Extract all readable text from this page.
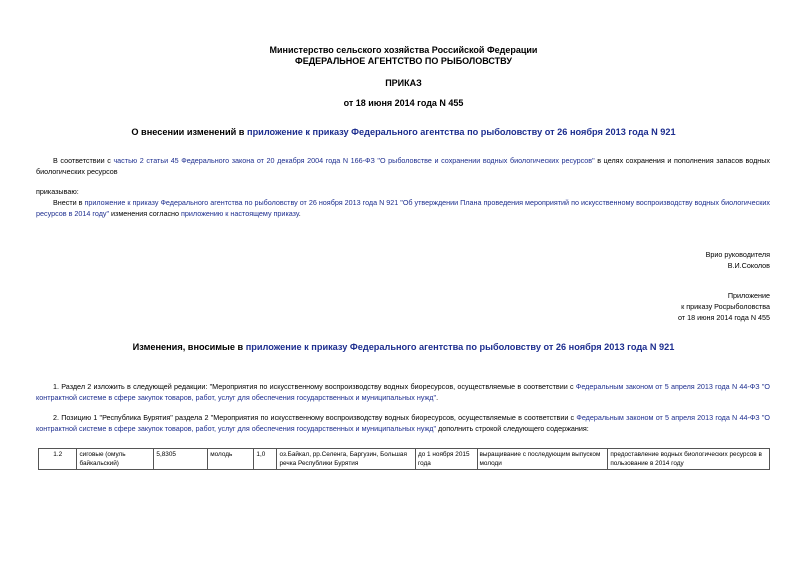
Министерство сельского хозяйства Российской Федерации
ФЕДЕРАЛЬНОЕ АГЕНТСТВО ПО РЫБОЛОВСТВУ
ПРИКАЗ
от 18 июня 2014 года N 455
О внесении изменений в приложение к приказу Федерального агентства по рыболовству от 26 ноября 2013 года N 921
В соответствии с частью 2 статьи 45 Федерального закона от 20 декабря 2004 года N 166-ФЗ "О рыболовстве и сохранении водных биологических ресурсов" в целях сохранения и пополнения запасов водных биологических ресурсов
приказываю:
Внести в приложение к приказу Федерального агентства по рыболовству от 26 ноября 2013 года N 921 "Об утверждении Плана проведения мероприятий по искусственному воспроизводству водных биологических ресурсов в 2014 году" изменения согласно приложению к настоящему приказу.
Врио руководителя
В.И.Соколов
Приложение
к приказу Росрыболовства
от 18 июня 2014 года N 455
Изменения, вносимые в приложение к приказу Федерального агентства по рыболовству от 26 ноября 2013 года N 921
1. Раздел 2 изложить в следующей редакции: "Мероприятия по искусственному воспроизводству водных биоресурсов, осуществляемые в соответствии с Федеральным законом от 5 апреля 2013 года N 44-ФЗ "О контрактной системе в сфере закупок товаров, работ, услуг для обеспечения государственных и муниципальных нужд".
2. Позицию 1 "Республика Бурятия" раздела 2 "Мероприятия по искусственному воспроизводству водных биоресурсов, осуществляемые в соответствии с Федеральным законом от 5 апреля 2013 года N 44-ФЗ "О контрактной системе в сфере закупок товаров, работ, услуг для обеспечения государственных и муниципальных нужд" дополнить строкой следующего содержания:
1.2	сиговые (омуль байкальский)	5,8305	молодь	1,0	оз.Байкал, рр.Селенга, Баргузин, Большая речка Республики Бурятия	до 1 ноября 2015 года	выращивание с последующим выпуском молоди	предоставление водных биологических ресурсов в пользование в 2014 году
